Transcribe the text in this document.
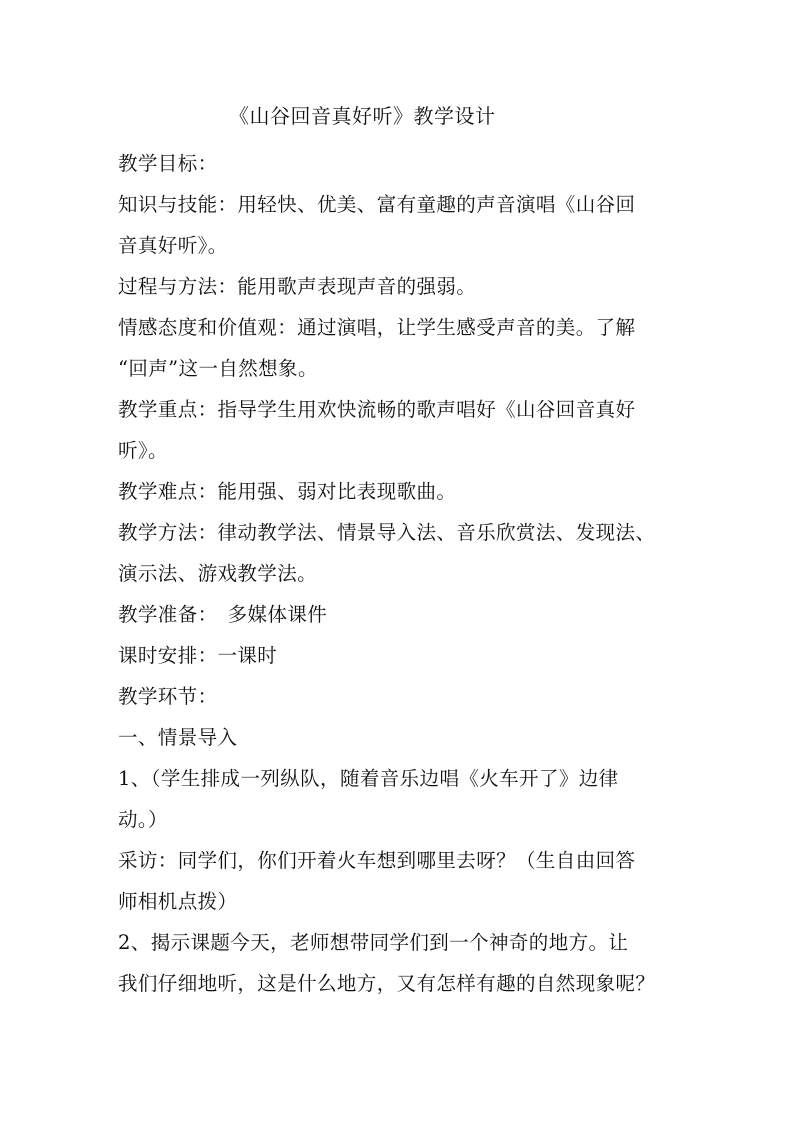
《山谷回音真好听》教学设计
教学目标：
知识与技能：用轻快、优美、富有童趣的声音演唱《山谷回
音真好听》。
过程与方法：能用歌声表现声音的强弱。
情感态度和价值观：通过演唱，让学生感受声音的美。了解
“回声”这一自然想象。
教学重点：指导学生用欢快流畅的歌声唱好《山谷回音真好
听》。
教学难点：能用强、弱对比表现歌曲。
教学方法：律动教学法、情景导入法、音乐欣赏法、发现法、
演示法、游戏教学法。
教学准备：　多媒体课件
课时安排：一课时
教学环节：
一、情景导入
1、（学生排成一列纵队，随着音乐边唱《火车开了》边律
动。）
采访：同学们，你们开着火车想到哪里去呀？（生自由回答
师相机点拨）
2、揭示课题今天，老师想带同学们到一个神奇的地方。让
我们仔细地听，这是什么地方，又有怎样有趣的自然现象呢？
